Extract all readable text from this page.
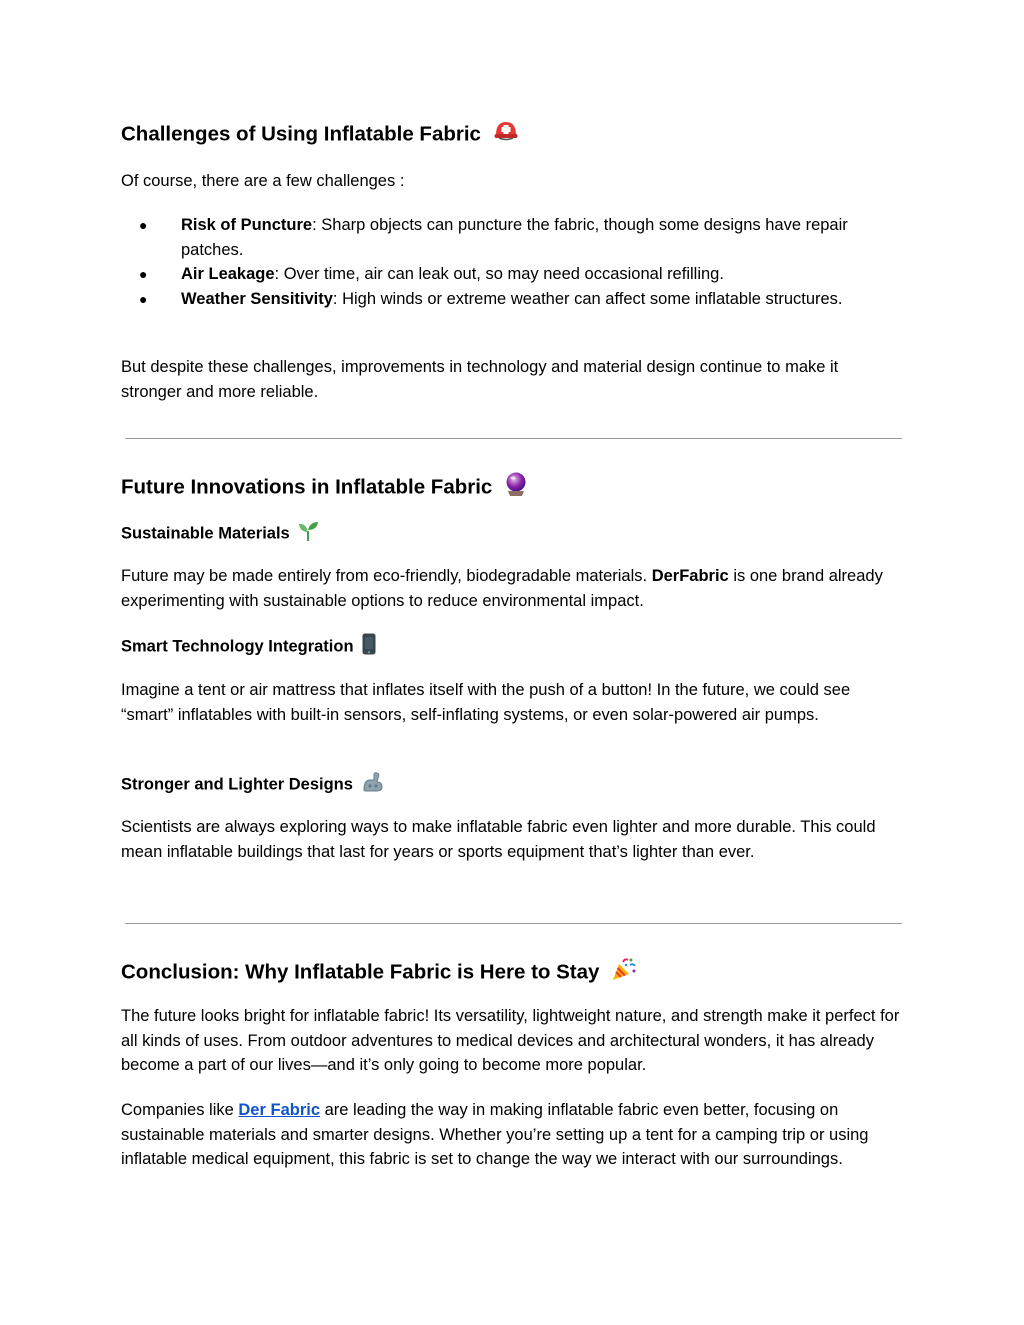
Challenges of Using Inflatable Fabric

Of course, there are a few challenges :

● Risk of Puncture: Sharp objects can puncture the fabric, though some designs have repair patches.
● Air Leakage: Over time, air can leak out, so may need occasional refilling.
● Weather Sensitivity: High winds or extreme weather can affect some inflatable structures.

But despite these challenges, improvements in technology and material design continue to make it stronger and more reliable.

Future Innovations in Inflatable Fabric
Sustainable Materials

Future may be made entirely from eco-friendly, biodegradable materials. DerFabric is one brand already experimenting with sustainable options to reduce environmental impact.

Smart Technology Integration

Imagine a tent or air mattress that inflates itself with the push of a button! In the future, we could see “smart” inflatables with built-in sensors, self-inflating systems, or even solar-powered air pumps.

Stronger and Lighter Designs

Scientists are always exploring ways to make inflatable fabric even lighter and more durable. This could mean inflatable buildings that last for years or sports equipment that’s lighter than ever.

Conclusion: Why Inflatable Fabric is Here to Stay

The future looks bright for inflatable fabric! Its versatility, lightweight nature, and strength make it perfect for all kinds of uses. From outdoor adventures to medical devices and architectural wonders, it has already become a part of our lives—and it’s only going to become more popular.

Companies like Der Fabric are leading the way in making inflatable fabric even better, focusing on sustainable materials and smarter designs. Whether you’re setting up a tent for a camping trip or using inflatable medical equipment, this fabric is set to change the way we interact with our surroundings.
